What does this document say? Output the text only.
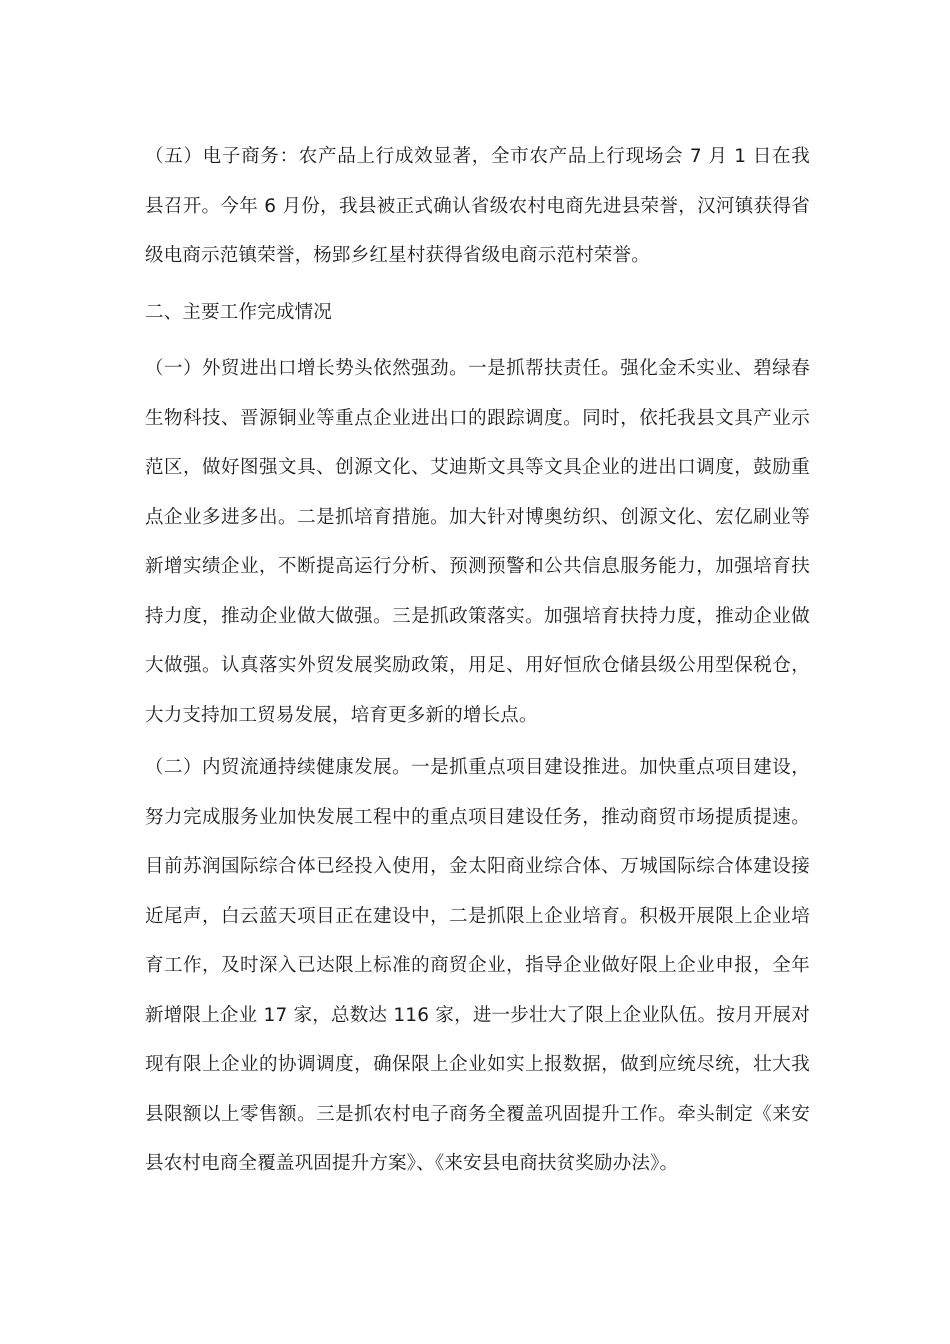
（五）电子商务：农产品上行成效显著，全市农产品上行现场会 7 月 1 日在我县召开。今年 6 月份，我县被正式确认省级农村电商先进县荣誉，汉河镇获得省级电商示范镇荣誉，杨郢乡红星村获得省级电商示范村荣誉。

二、主要工作完成情况

（一）外贸进出口增长势头依然强劲。一是抓帮扶责任。强化金禾实业、碧绿春生物科技、晋源铜业等重点企业进出口的跟踪调度。同时，依托我县文具产业示范区，做好图强文具、创源文化、艾迪斯文具等文具企业的进出口调度，鼓励重点企业多进多出。二是抓培育措施。加大针对博奥纺织、创源文化、宏亿刷业等新增实绩企业，不断提高运行分析、预测预警和公共信息服务能力，加强培育扶持力度，推动企业做大做强。三是抓政策落实。加强培育扶持力度，推动企业做大做强。认真落实外贸发展奖励政策，用足、用好恒欣仓储县级公用型保税仓，大力支持加工贸易发展，培育更多新的增长点。

（二）内贸流通持续健康发展。一是抓重点项目建设推进。加快重点项目建设，努力完成服务业加快发展工程中的重点项目建设任务，推动商贸市场提质提速。目前苏润国际综合体已经投入使用，金太阳商业综合体、万城国际综合体建设接近尾声，白云蓝天项目正在建设中，二是抓限上企业培育。积极开展限上企业培育工作，及时深入已达限上标准的商贸企业，指导企业做好限上企业申报，全年新增限上企业 17 家，总数达 116 家，进一步壮大了限上企业队伍。按月开展对现有限上企业的协调调度，确保限上企业如实上报数据，做到应统尽统，壮大我县限额以上零售额。三是抓农村电子商务全覆盖巩固提升工作。牵头制定《来安县农村电商全覆盖巩固提升方案》、《来安县电商扶贫奖励办法》。
